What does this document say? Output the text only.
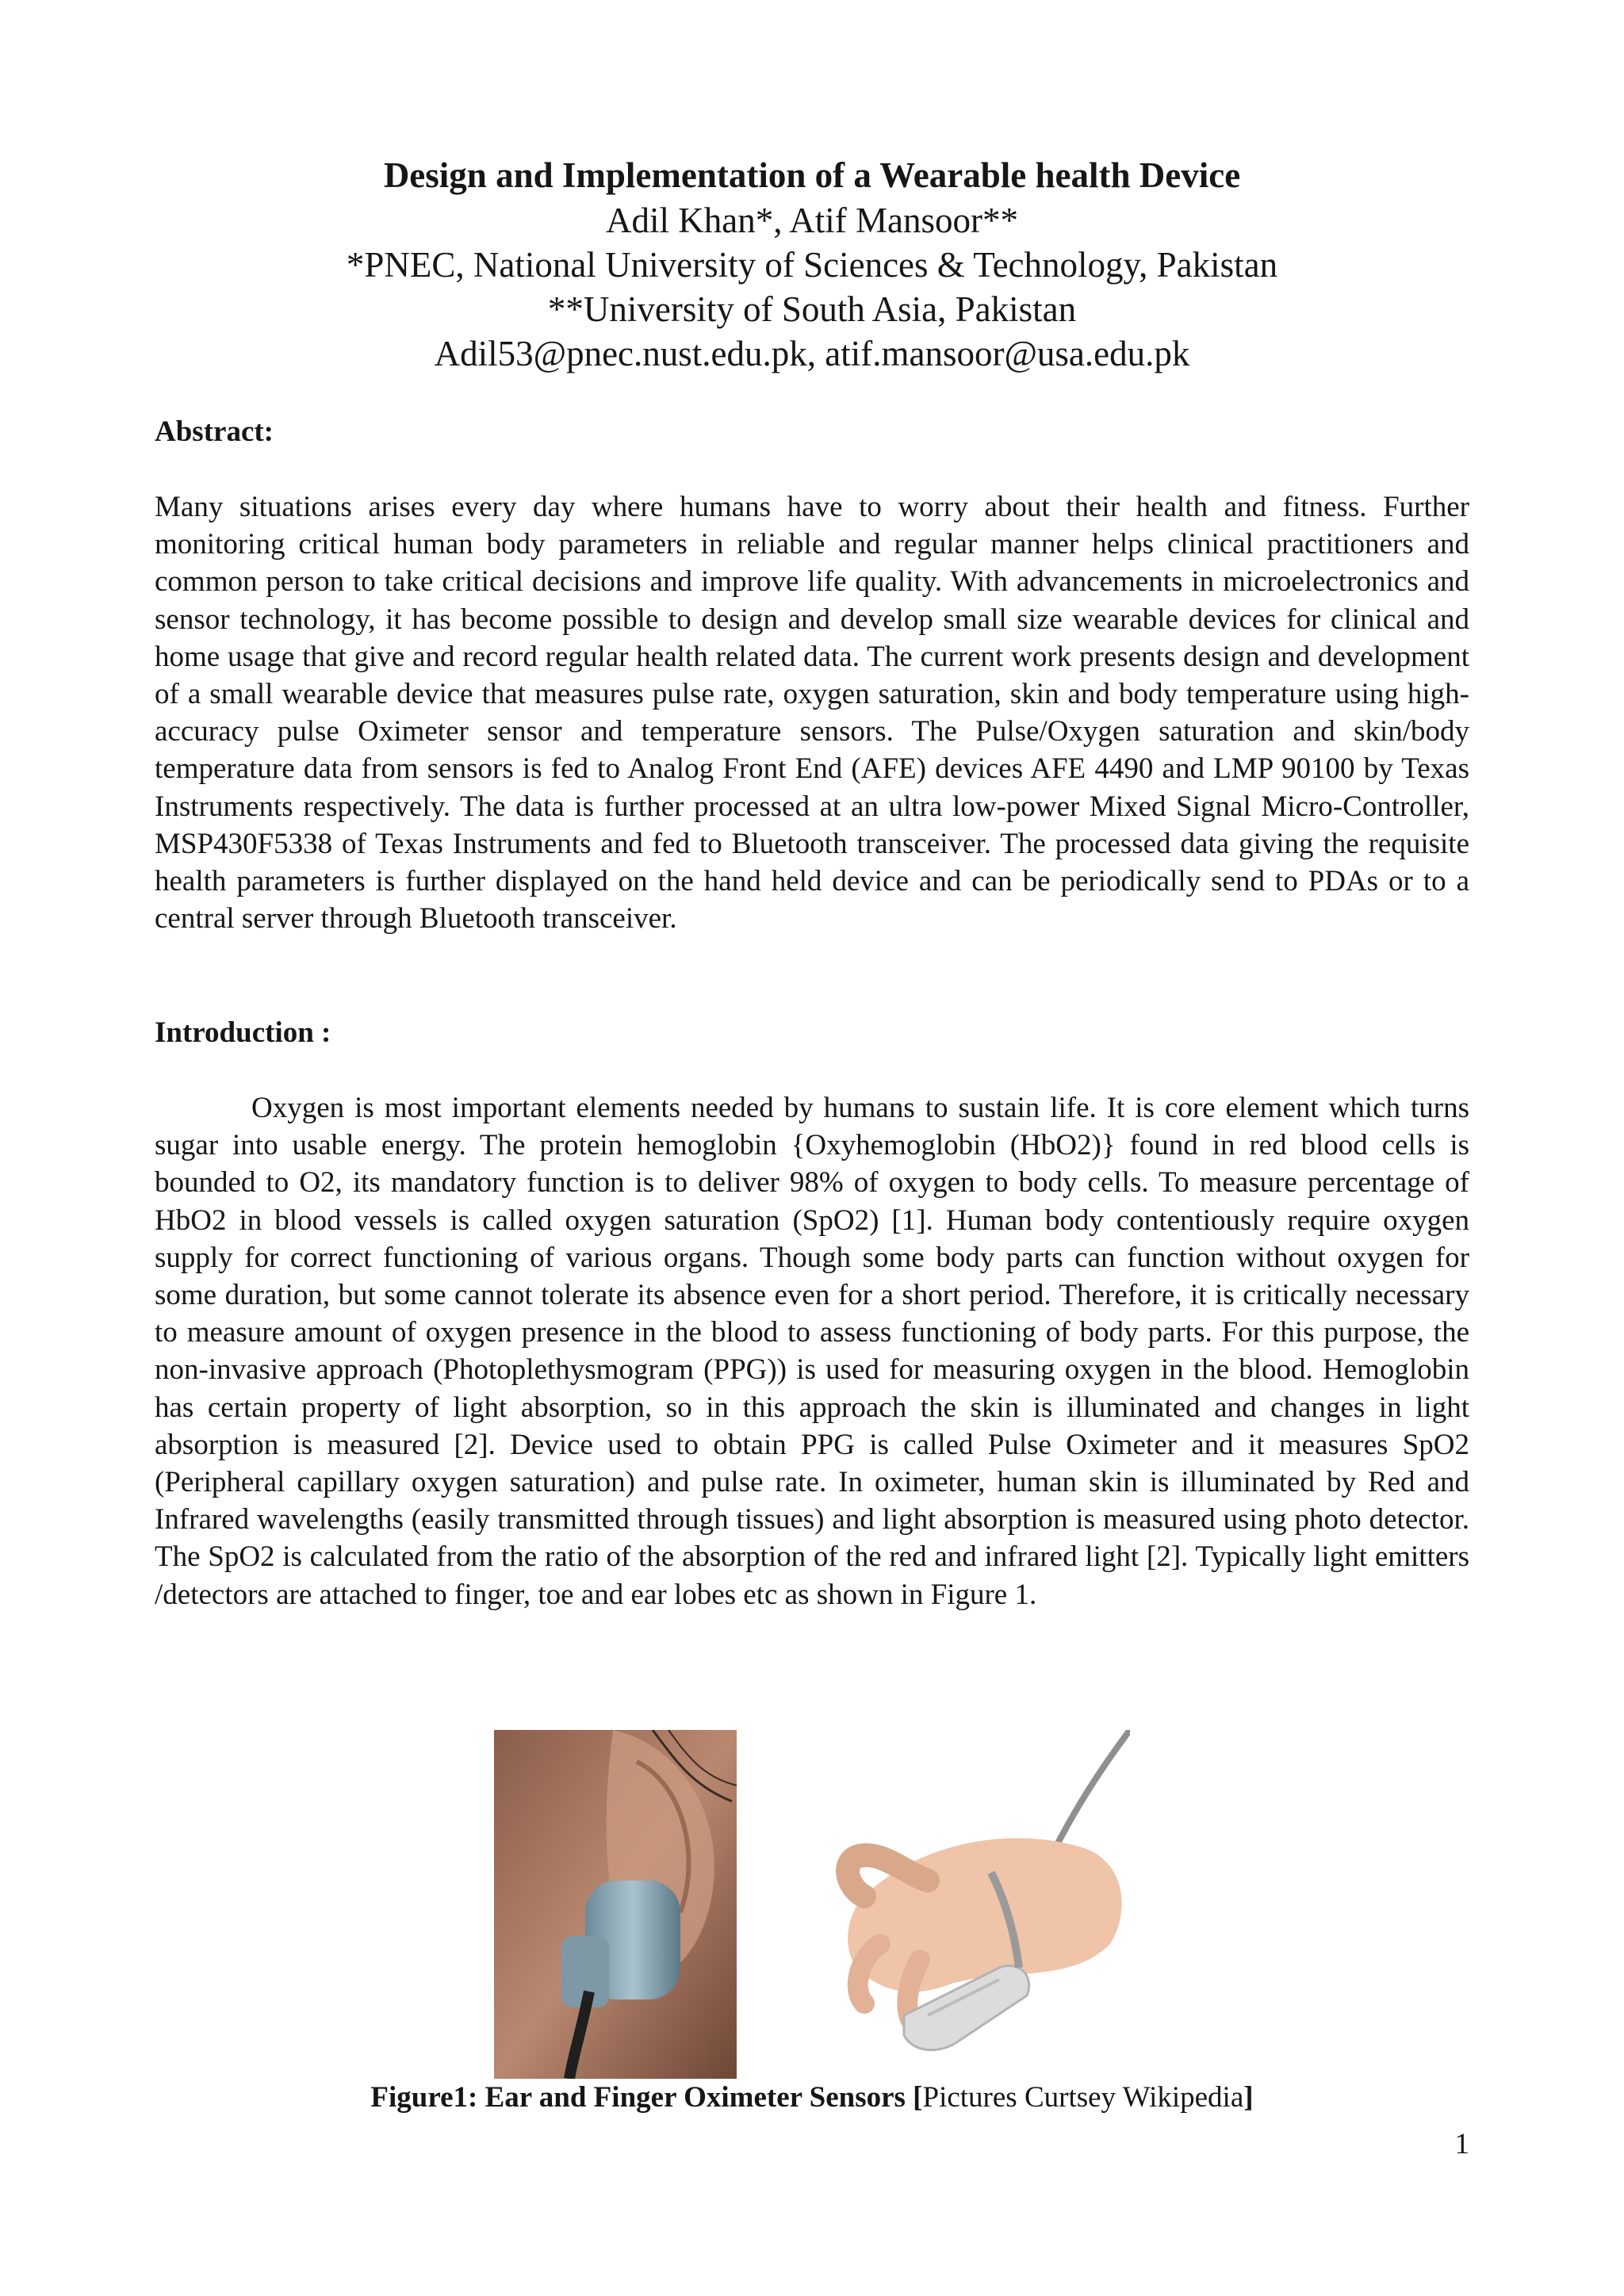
Design and Implementation of a Wearable health Device
Adil Khan*, Atif Mansoor**
*PNEC, National University of Sciences & Technology, Pakistan
**University of South Asia, Pakistan
Adil53@pnec.nust.edu.pk, atif.mansoor@usa.edu.pk
Abstract:

Many situations arises every day where humans have to worry about their health and fitness. Further monitoring critical human body parameters in reliable and regular manner helps clinical practitioners and common person to take critical decisions and improve life quality. With advancements in microelectronics and sensor technology, it has become possible to design and develop small size wearable devices for clinical and home usage that give and record regular health related data. The current work presents design and development of a small wearable device that measures pulse rate, oxygen saturation, skin and body temperature using high-accuracy pulse Oximeter sensor and temperature sensors. The Pulse/Oxygen saturation and skin/body temperature data from sensors is fed to Analog Front End (AFE) devices AFE 4490 and LMP 90100 by Texas Instruments respectively. The data is further processed at an ultra low-power Mixed Signal Micro-Controller, MSP430F5338 of Texas Instruments and fed to Bluetooth transceiver. The processed data giving the requisite health parameters is further displayed on the hand held device and can be periodically send to PDAs or to a central server through Bluetooth transceiver.

Introduction :

Oxygen is most important elements needed by humans to sustain life. It is core element which turns sugar into usable energy. The protein hemoglobin {Oxyhemoglobin (HbO2)} found in red blood cells is bounded to O2, its mandatory function is to deliver 98% of oxygen to body cells. To measure percentage of HbO2 in blood vessels is called oxygen saturation (SpO2) [1]. Human body contentiously require oxygen supply for correct functioning of various organs. Though some body parts can function without oxygen for some duration, but some cannot tolerate its absence even for a short period. Therefore, it is critically necessary to measure amount of oxygen presence in the blood to assess functioning of body parts. For this purpose, the non-invasive approach (Photoplethysmogram (PPG)) is used for measuring oxygen in the blood. Hemoglobin has certain property of light absorption, so in this approach the skin is illuminated and changes in light absorption is measured [2]. Device used to obtain PPG is called Pulse Oximeter and it measures SpO2 (Peripheral capillary oxygen saturation) and pulse rate. In oximeter, human skin is illuminated by Red and Infrared wavelengths (easily transmitted through tissues) and light absorption is measured using photo detector. The SpO2 is calculated from the ratio of the absorption of the red and infrared light [2]. Typically light emitters /detectors are attached to finger, toe and ear lobes etc as shown in Figure 1.

Figure1: Ear and Finger Oximeter Sensors [Pictures Curtsey Wikipedia]
1
